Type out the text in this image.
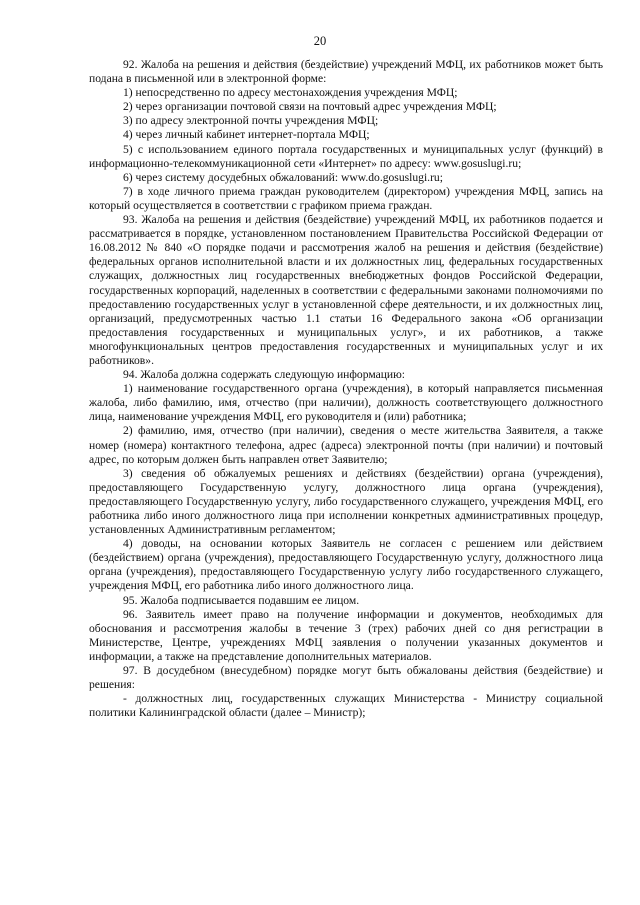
20

92. Жалоба на решения и действия (бездействие) учреждений МФЦ, их работников может быть подана в письменной или в электронной форме:

1) непосредственно по адресу местонахождения учреждения МФЦ;

2) через организации почтовой связи на почтовый адрес учреждения МФЦ;

3) по адресу электронной почты учреждения МФЦ;

4) через личный кабинет интернет-портала МФЦ;

5) с использованием единого портала государственных и муниципальных услуг (функций) в информационно-телекоммуникационной сети «Интернет» по адресу: www.gosuslugi.ru;

6) через систему досудебных обжалований: www.do.gosuslugi.ru;

7) в ходе личного приема граждан руководителем (директором) учреждения МФЦ, запись на который осуществляется в соответствии с графиком приема граждан.

93. Жалоба на решения и действия (бездействие) учреждений МФЦ, их работников подается и рассматривается в порядке, установленном постановлением Правительства Российской Федерации от 16.08.2012 № 840 «О порядке подачи и рассмотрения жалоб на решения и действия (бездействие) федеральных органов исполнительной власти и их должностных лиц, федеральных государственных служащих, должностных лиц государственных внебюджетных фондов Российской Федерации, государственных корпораций, наделенных в соответствии с федеральными законами полномочиями по предоставлению государственных услуг в установленной сфере деятельности, и их должностных лиц, организаций, предусмотренных частью 1.1 статьи 16 Федерального закона «Об организации предоставления государственных и муниципальных услуг», и их работников, а также многофункциональных центров предоставления государственных и муниципальных услуг и их работников».

94. Жалоба должна содержать следующую информацию:

1) наименование государственного органа (учреждения), в который направляется письменная жалоба, либо фамилию, имя, отчество (при наличии), должность соответствующего должностного лица, наименование учреждения МФЦ, его руководителя и (или) работника;

2) фамилию, имя, отчество (при наличии), сведения о месте жительства Заявителя, а также номер (номера) контактного телефона, адрес (адреса) электронной почты (при наличии) и почтовый адрес, по которым должен быть направлен ответ Заявителю;

3) сведения об обжалуемых решениях и действиях (бездействии) органа (учреждения), предоставляющего Государственную услугу, должностного лица органа (учреждения), предоставляющего Государственную услугу, либо государственного служащего, учреждения МФЦ, его работника либо иного должностного лица при исполнении конкретных административных процедур, установленных Административным регламентом;

4) доводы, на основании которых Заявитель не согласен с решением или действием (бездействием) органа (учреждения), предоставляющего Государственную услугу, должностного лица органа (учреждения), предоставляющего Государственную услугу либо государственного служащего, учреждения МФЦ, его работника либо иного должностного лица.

95. Жалоба подписывается подавшим ее лицом.

96. Заявитель имеет право на получение информации и документов, необходимых для обоснования и рассмотрения жалобы в течение 3 (трех) рабочих дней со дня регистрации в Министерстве, Центре, учреждениях МФЦ заявления о получении указанных документов и информации, а также на представление дополнительных материалов.

97. В досудебном (внесудебном) порядке могут быть обжалованы действия (бездействие) и решения:

- должностных лиц, государственных служащих Министерства - Министру социальной политики Калининградской области (далее – Министр);
